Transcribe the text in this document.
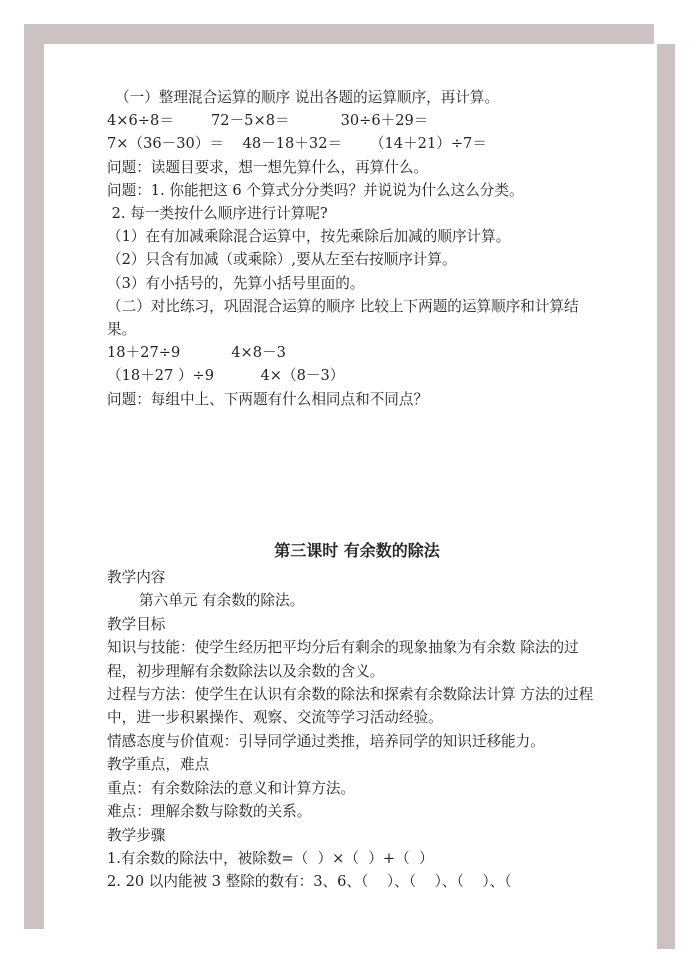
（一）整理混合运算的顺序 说出各题的运算顺序，再计算。
4×6÷8＝        72－5×8＝           30÷6＋29＝
7×（36－30）＝    48－18＋32＝      （14＋21）÷7＝
问题：读题目要求，想一想先算什么，再算什么。
问题：1. 你能把这 6 个算式分分类吗？并说说为什么这么分类。
2. 每一类按什么顺序进行计算呢?
（1）在有加减乘除混合运算中，按先乘除后加减的顺序计算。
（2）只含有加减（或乘除）,要从左至右按顺序计算。
（3）有小括号的，先算小括号里面的。
（二）对比练习，巩固混合运算的顺序 比较上下两题的运算顺序和计算结果。
18＋27÷9           4×8－3
（18＋27 ）÷9          4×（8－3）
问题：每组中上、下两题有什么相同点和不同点？
第三课时 有余数的除法
教学内容
第六单元 有余数的除法。
教学目标
知识与技能：使学生经历把平均分后有剩余的现象抽象为有余数 除法的过程，初步理解有余数除法以及余数的含义。
过程与方法：使学生在认识有余数的除法和探索有余数除法计算 方法的过程中，进一步积累操作、观察、交流等学习活动经验。
情感态度与价值观：引导同学通过类推，培养同学的知识迁移能力。
教学重点，难点
重点：有余数除法的意义和计算方法。
难点：理解余数与除数的关系。
教学步骤
1.有余数的除法中，被除数=（  ）×（  ）+（  ）
2. 20 以内能被 3 整除的数有：3、6、（    ）、（    ）、（    ）、（
